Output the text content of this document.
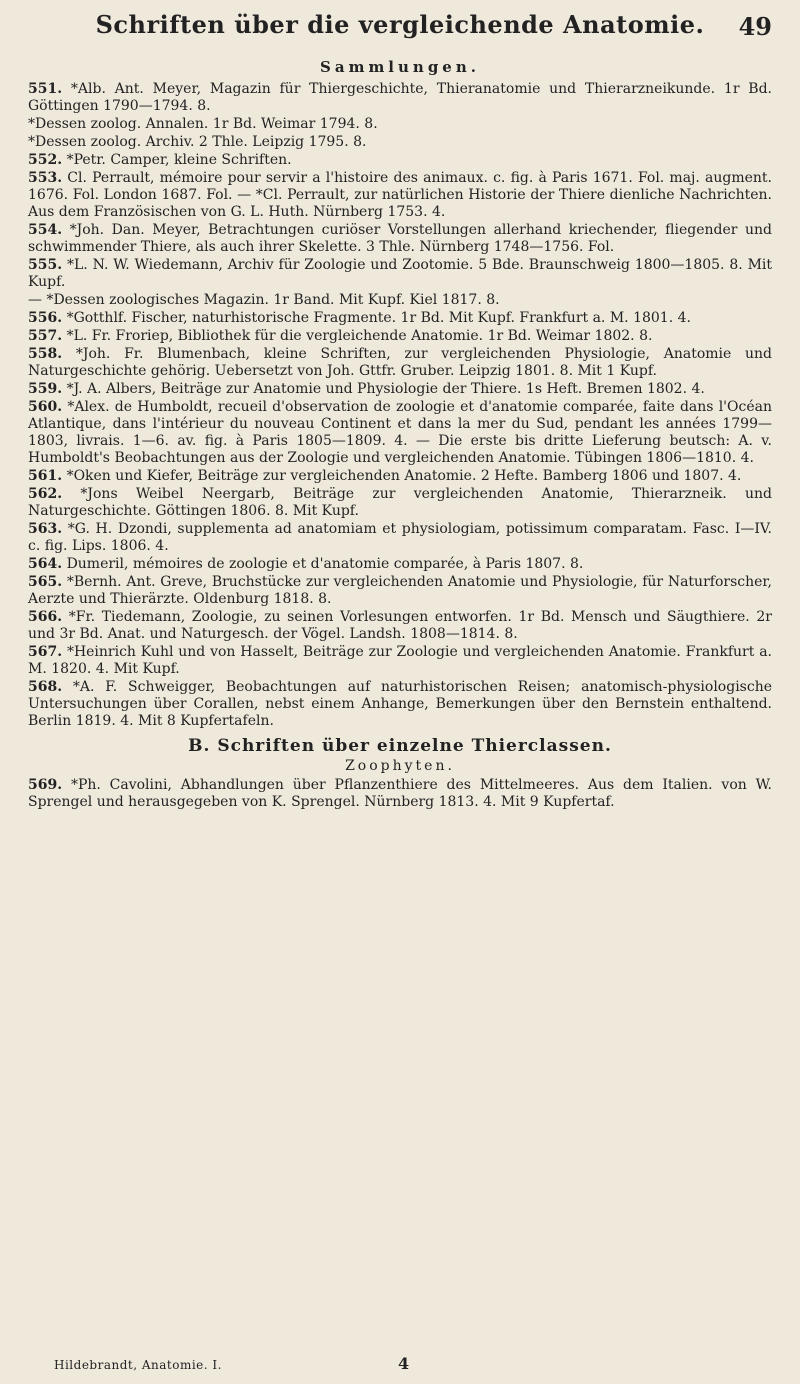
Schriften über die vergleichende Anatomie.	49
Sammlungen.

551. *Alb. Ant. Meyer, Magazin für Thiergeschichte, Thieranatomie und Thierarzneikunde. 1r Bd. Göttingen 1790—1794. 8.

*Dessen zoolog. Annalen. 1r Bd. Weimar 1794. 8.

*Dessen zoolog. Archiv. 2 Thle. Leipzig 1795. 8.

552. *Petr. Camper, kleine Schriften.

553. Cl. Perrault, mémoire pour servir a l'histoire des animaux. c. fig. à Paris 1671. Fol. maj. augment. 1676. Fol. London 1687. Fol. — *Cl. Perrault, zur natürlichen Historie der Thiere dienliche Nachrichten. Aus dem Französischen von G. L. Huth. Nürnberg 1753. 4.

554. *Joh. Dan. Meyer, Betrachtungen curiöser Vorstellungen allerhand kriechender, fliegender und schwimmender Thiere, als auch ihrer Skelette. 3 Thle. Nürnberg 1748—1756. Fol.

555. *L. N. W. Wiedemann, Archiv für Zoologie und Zootomie. 5 Bde. Braunschweig 1800—1805. 8. Mit Kupf.

— *Dessen zoologisches Magazin. 1r Band. Mit Kupf. Kiel 1817. 8.

556. *Gotthlf. Fischer, naturhistorische Fragmente. 1r Bd. Mit Kupf. Frankfurt a. M. 1801. 4.

557. *L. Fr. Froriep, Bibliothek für die vergleichende Anatomie. 1r Bd. Weimar 1802. 8.

558. *Joh. Fr. Blumenbach, kleine Schriften, zur vergleichenden Physiologie, Anatomie und Naturgeschichte gehörig. Uebersetzt von Joh. Gttfr. Gruber. Leipzig 1801. 8. Mit 1 Kupf.

559. *J. A. Albers, Beiträge zur Anatomie und Physiologie der Thiere. 1s Heft. Bremen 1802. 4.

560. *Alex. de Humboldt, recueil d'observation de zoologie et d'anatomie comparée, faite dans l'Océan Atlantique, dans l'intérieur du nouveau Continent et dans la mer du Sud, pendant les années 1799—1803, livrais. 1—6. av. fig. à Paris 1805—1809. 4. — Die erste bis dritte Lieferung beutsch: A. v. Humboldt's Beobachtungen aus der Zoologie und vergleichenden Anatomie. Tübingen 1806—1810. 4.

561. *Oken und Kiefer, Beiträge zur vergleichenden Anatomie. 2 Hefte. Bamberg 1806 und 1807. 4.

562. *Jons Weibel Neergarb, Beiträge zur vergleichenden Anatomie, Thierarzneik. und Naturgeschichte. Göttingen 1806. 8. Mit Kupf.

563. *G. H. Dzondi, supplementa ad anatomiam et physiologiam, potissimum comparatam. Fasc. I—IV. c. fig. Lips. 1806. 4.

564. Dumeril, mémoires de zoologie et d'anatomie comparée, à Paris 1807. 8.

565. *Bernh. Ant. Greve, Bruchstücke zur vergleichenden Anatomie und Physiologie, für Naturforscher, Aerzte und Thierärzte. Oldenburg 1818. 8.

566. *Fr. Tiedemann, Zoologie, zu seinen Vorlesungen entworfen. 1r Bd. Mensch und Säugthiere. 2r und 3r Bd. Anat. und Naturgesch. der Vögel. Landsh. 1808—1814. 8.

567. *Heinrich Kuhl und von Hasselt, Beiträge zur Zoologie und vergleichenden Anatomie. Frankfurt a. M. 1820. 4. Mit Kupf.

568. *A. F. Schweigger, Beobachtungen auf naturhistorischen Reisen; anatomisch-physiologische Untersuchungen über Corallen, nebst einem Anhange, Bemerkungen über den Bernstein enthaltend. Berlin 1819. 4. Mit 8 Kupfertafeln.

B. Schriften über einzelne Thierclassen.
Zoophyten.

569. *Ph. Cavolini, Abhandlungen über Pflanzenthiere des Mittelmeeres. Aus dem Italien. von W. Sprengel und herausgegeben von K. Sprengel. Nürnberg 1813. 4. Mit 9 Kupfertaf.

Hildebrandt, Anatomie. I.	4
